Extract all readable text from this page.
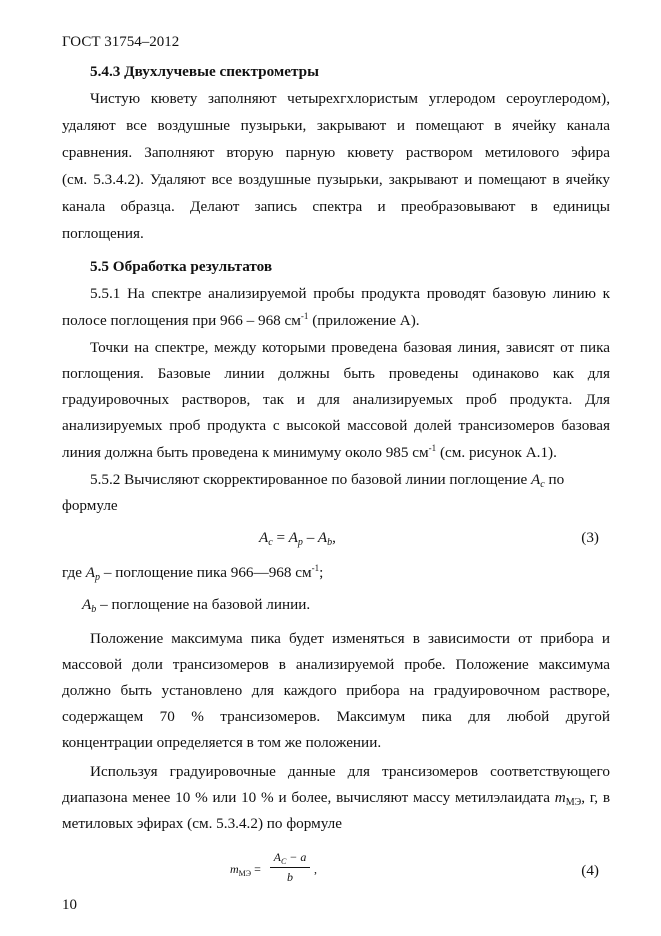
ГОСТ 31754–2012
5.4.3 Двухлучевые спектрометры
Чистую кювету заполняют четырехгхлористым углеродом сероуглеродом),
удаляют все воздушные пузырьки, закрывают и помещают в ячейку канала
сравнения. Заполняют вторую парную кювету раствором метилового эфира
(см. 5.3.4.2). Удаляют все воздушные пузырьки, закрывают и помещают в ячейку
канала образца. Делают запись спектра и преобразовывают в единицы
поглощения.
5.5 Обработка результатов
5.5.1 На спектре анализируемой пробы продукта проводят базовую линию к
полосе поглощения при 966 – 968 $см^{-1}$ (приложение А).
Точки на спектре, между которыми проведена базовая линия, зависят от пика
поглощения. Базовые линии должны быть проведены одинаково как для
градуировочных растворов, так и для анализируемых проб продукта. Для
анализируемых проб продукта с высокой массовой долей трансизомеров базовая
линия должна быть проведена к минимуму около 985 $см^{-1}$ (см. рисунок А.1).
5.5.2 Вычисляют скорректированное по базовой линии поглощение $A_c$ по
формуле
$A_c = A_p - A_b$,	(3)
где $A_p$ – поглощение пика 966—968 $см^{-1}$;
$A_b$ – поглощение на базовой линии.
Положение максимума пика будет изменяться в зависимости от прибора и
массовой доли трансизомеров в анализируемой пробе. Положение максимума
должно быть установлено для каждого прибора на градуировочном растворе,
содержащем 70 % трансизомеров. Максимум пика для любой другой
концентрации определяется в том же положении.
Используя градуировочные данные для трансизомеров соответствующего
диапазона менее 10 % или 10 % и более, вычисляют массу метилэлаидата $m_{МЭ}$, г, в
метиловых эфирах (см. 5.3.4.2) по формуле
$m_{МЭ}$ =
$A_C - a$
b
,	(4)
10
